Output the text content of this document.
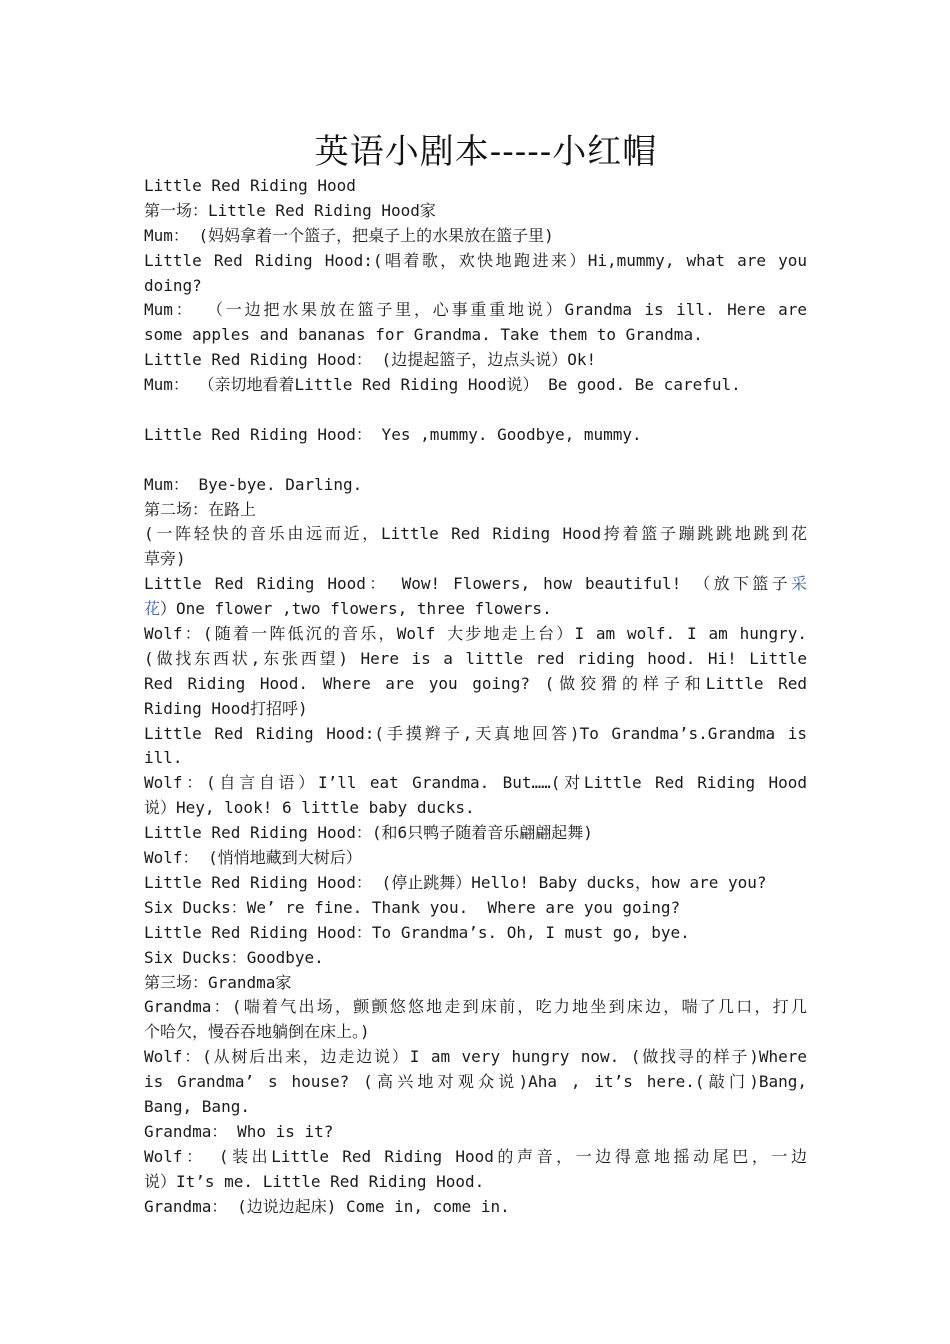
英语小剧本-----小红帽
Little Red Riding Hood
第一场：Little Red Riding Hood家
Mum： (妈妈拿着一个篮子，把桌子上的水果放在篮子里)
Little Red Riding Hood:(唱着歌，欢快地跑进来）Hi,mummy, what are you
doing?
Mum： （一边把水果放在篮子里，心事重重地说）Grandma is ill. Here are
some apples and bananas for Grandma. Take them to Grandma.
Little Red Riding Hood： (边提起篮子，边点头说）Ok!
Mum： （亲切地看着Little Red Riding Hood说） Be good. Be careful.
Little Red Riding Hood： Yes ,mummy. Goodbye, mummy.
Mum： Bye-bye. Darling.
第二场：在路上
(一阵轻快的音乐由远而近，Little Red Riding Hood挎着篮子蹦跳跳地跳到花
草旁)
Little Red Riding Hood： Wow! Flowers, how beautiful! （放下篮子采
花）One flower ,two flowers, three flowers.
Wolf：(随着一阵低沉的音乐，Wolf 大步地走上台）I am wolf. I am hungry.
(做找东西状,东张西望) Here is a little red riding hood. Hi! Little
Red Riding Hood. Where are you going? (做狡猾的样子和Little Red
Riding Hood打招呼)
Little Red Riding Hood:(手摸辫子,天真地回答)To Grandma’s.Grandma is
ill.
Wolf：(自言自语）I’ll eat Grandma. But……(对Little Red Riding Hood
说）Hey, look! 6 little baby ducks.
Little Red Riding Hood：(和6只鸭子随着音乐翩翩起舞)
Wolf： (悄悄地藏到大树后）
Little Red Riding Hood： (停止跳舞）Hello! Baby ducks，how are you?
Six Ducks：We’ re fine. Thank you.  Where are you going?
Little Red Riding Hood：To Grandma’s. Oh, I must go, bye.
Six Ducks：Goodbye.
第三场：Grandma家
Grandma：(喘着气出场，颤颤悠悠地走到床前，吃力地坐到床边，喘了几口，打几
个哈欠，慢吞吞地躺倒在床上。)
Wolf：(从树后出来，边走边说）I am very hungry now. (做找寻的样子)Where
is Grandma’ s house? (高兴地对观众说)Aha , it’s here.(敲门)Bang,
Bang, Bang.
Grandma： Who is it?
Wolf： (装出Little Red Riding Hood的声音，一边得意地摇动尾巴，一边
说）It’s me. Little Red Riding Hood.
Grandma： (边说边起床) Come in, come in.
